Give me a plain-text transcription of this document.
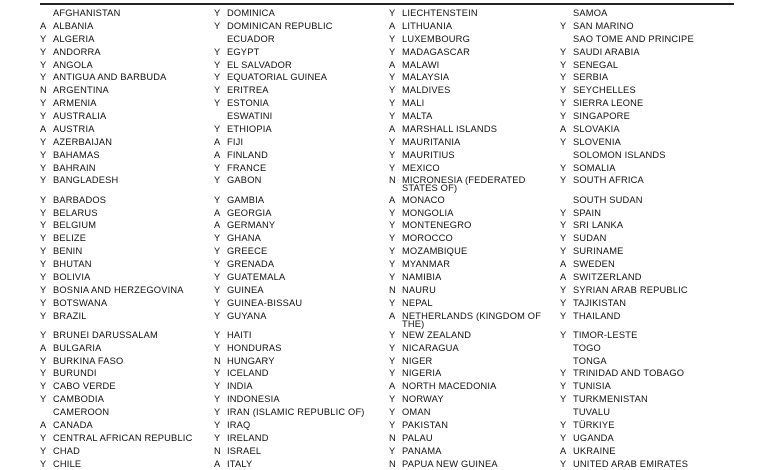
AFGHANISTAN
A ALBANIA
Y ALGERIA
Y ANDORRA
Y ANGOLA
Y ANTIGUA AND BARBUDA
N ARGENTINA
Y ARMENIA
Y AUSTRALIA
A AUSTRIA
Y AZERBAIJAN
Y BAHAMAS
Y BAHRAIN
Y BANGLADESH
Y BARBADOS
Y BELARUS
Y BELGIUM
Y BELIZE
Y BENIN
Y BHUTAN
Y BOLIVIA
Y BOSNIA AND HERZEGOVINA
Y BOTSWANA
Y BRAZIL
Y BRUNEI DARUSSALAM
A BULGARIA
Y BURKINA FASO
Y BURUNDI
Y CABO VERDE
Y CAMBODIA
CAMEROON
A CANADA
Y CENTRAL AFRICAN REPUBLIC
Y CHAD
Y CHILE
Y DOMINICA
Y DOMINICAN REPUBLIC
ECUADOR
Y EGYPT
Y EL SALVADOR
Y EQUATORIAL GUINEA
Y ERITREA
Y ESTONIA
ESWATINI
Y ETHIOPIA
A FIJI
A FINLAND
Y FRANCE
Y GABON
Y GAMBIA
A GEORGIA
A GERMANY
Y GHANA
Y GREECE
Y GRENADA
Y GUATEMALA
Y GUINEA
Y GUINEA-BISSAU
Y GUYANA
Y HAITI
Y HONDURAS
N HUNGARY
Y ICELAND
Y INDIA
Y INDONESIA
Y IRAN (ISLAMIC REPUBLIC OF)
Y IRAQ
Y IRELAND
N ISRAEL
A ITALY
Y LIECHTENSTEIN
A LITHUANIA
Y LUXEMBOURG
Y MADAGASCAR
A MALAWI
Y MALAYSIA
Y MALDIVES
Y MALI
Y MALTA
A MARSHALL ISLANDS
Y MAURITANIA
Y MAURITIUS
Y MEXICO
N MICRONESIA (FEDERATED STATES OF)
A MONACO
Y MONGOLIA
Y MONTENEGRO
Y MOROCCO
Y MOZAMBIQUE
Y MYANMAR
Y NAMIBIA
N NAURU
Y NEPAL
A NETHERLANDS (KINGDOM OF THE)
Y NEW ZEALAND
Y NICARAGUA
Y NIGER
Y NIGERIA
A NORTH MACEDONIA
Y NORWAY
Y OMAN
Y PAKISTAN
N PALAU
Y PANAMA
N PAPUA NEW GUINEA
SAMOA
Y SAN MARINO
SAO TOME AND PRINCIPE
Y SAUDI ARABIA
Y SENEGAL
Y SERBIA
Y SEYCHELLES
Y SIERRA LEONE
Y SINGAPORE
A SLOVAKIA
Y SLOVENIA
SOLOMON ISLANDS
Y SOMALIA
Y SOUTH AFRICA
SOUTH SUDAN
Y SPAIN
Y SRI LANKA
Y SUDAN
Y SURINAME
A SWEDEN
A SWITZERLAND
Y SYRIAN ARAB REPUBLIC
Y TAJIKISTAN
Y THAILAND
Y TIMOR-LESTE
TOGO
TONGA
Y TRINIDAD AND TOBAGO
Y TUNISIA
Y TURKMENISTAN
TUVALU
Y TÜRKIYE
Y UGANDA
A UKRAINE
Y UNITED ARAB EMIRATES
